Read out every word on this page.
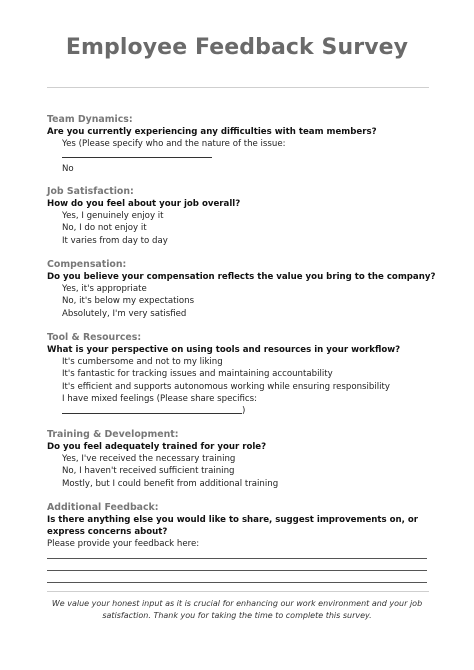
Employee Feedback Survey
Team Dynamics:
Are you currently experiencing any difficulties with team members?
Yes (Please specify who and the nature of the issue:
No
Job Satisfaction:
How do you feel about your job overall?
Yes, I genuinely enjoy it
No, I do not enjoy it
It varies from day to day
Compensation:
Do you believe your compensation reflects the value you bring to the company?
Yes, it's appropriate
No, it's below my expectations
Absolutely, I'm very satisfied
Tool & Resources:
What is your perspective on using tools and resources in your workflow?
It's cumbersome and not to my liking
It's fantastic for tracking issues and maintaining accountability
It's efficient and supports autonomous working while ensuring responsibility
I have mixed feelings (Please share specifics:
)
Training & Development:
Do you feel adequately trained for your role?
Yes, I've received the necessary training
No, I haven't received sufficient training
Mostly, but I could benefit from additional training
Additional Feedback:
Is there anything else you would like to share, suggest improvements on, or express concerns about?
Please provide your feedback here:
We value your honest input as it is crucial for enhancing our work environment and your job satisfaction. Thank you for taking the time to complete this survey.
